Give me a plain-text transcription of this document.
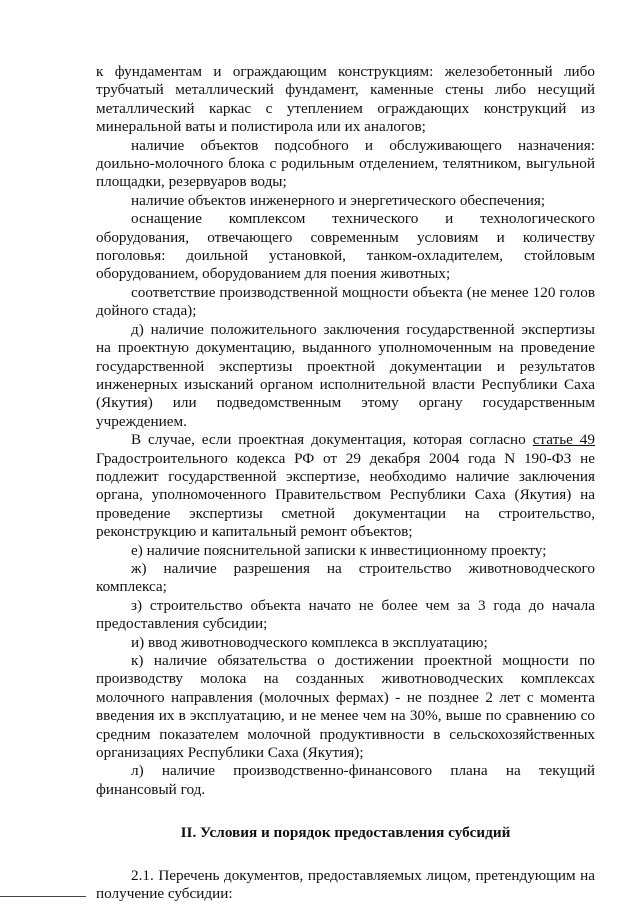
к фундаментам и ограждающим конструкциям: железобетонный либо трубчатый металлический фундамент, каменные стены либо несущий металлический каркас с утеплением ограждающих конструкций из минеральной ваты и полистирола или их аналогов;

наличие объектов подсобного и обслуживающего назначения: доильно-молочного блока с родильным отделением, телятником, выгульной площадки, резервуаров воды;

наличие объектов инженерного и энергетического обеспечения;

оснащение комплексом технического и технологического оборудования, отвечающего современным условиям и количеству поголовья: доильной установкой, танком-охладителем, стойловым оборудованием, оборудованием для поения животных;

соответствие производственной мощности объекта (не менее 120 голов дойного стада);

д) наличие положительного заключения государственной экспертизы на проектную документацию, выданного уполномоченным на проведение государственной экспертизы проектной документации и результатов инженерных изысканий органом исполнительной власти Республики Саха (Якутия) или подведомственным этому органу государственным учреждением.

В случае, если проектная документация, которая согласно статье 49 Градостроительного кодекса РФ от 29 декабря 2004 года N 190-ФЗ не подлежит государственной экспертизе, необходимо наличие заключения органа, уполномоченного Правительством Республики Саха (Якутия) на проведение экспертизы сметной документации на строительство, реконструкцию и капитальный ремонт объектов;

е) наличие пояснительной записки к инвестиционному проекту;

ж) наличие разрешения на строительство животноводческого комплекса;

з) строительство объекта начато не более чем за 3 года до начала предоставления субсидии;

и) ввод животноводческого комплекса в эксплуатацию;

к) наличие обязательства о достижении проектной мощности по производству молока на созданных животноводческих комплексах молочного направления (молочных фермах) - не позднее 2 лет с момента введения их в эксплуатацию, и не менее чем на 30%, выше по сравнению со средним показателем молочной продуктивности в сельскохозяйственных организациях Республики Саха (Якутия);

л) наличие производственно-финансового плана на текущий финансовый год.

II. Условия и порядок предоставления субсидий

2.1. Перечень документов, предоставляемых лицом, претендующим на получение субсидии:
